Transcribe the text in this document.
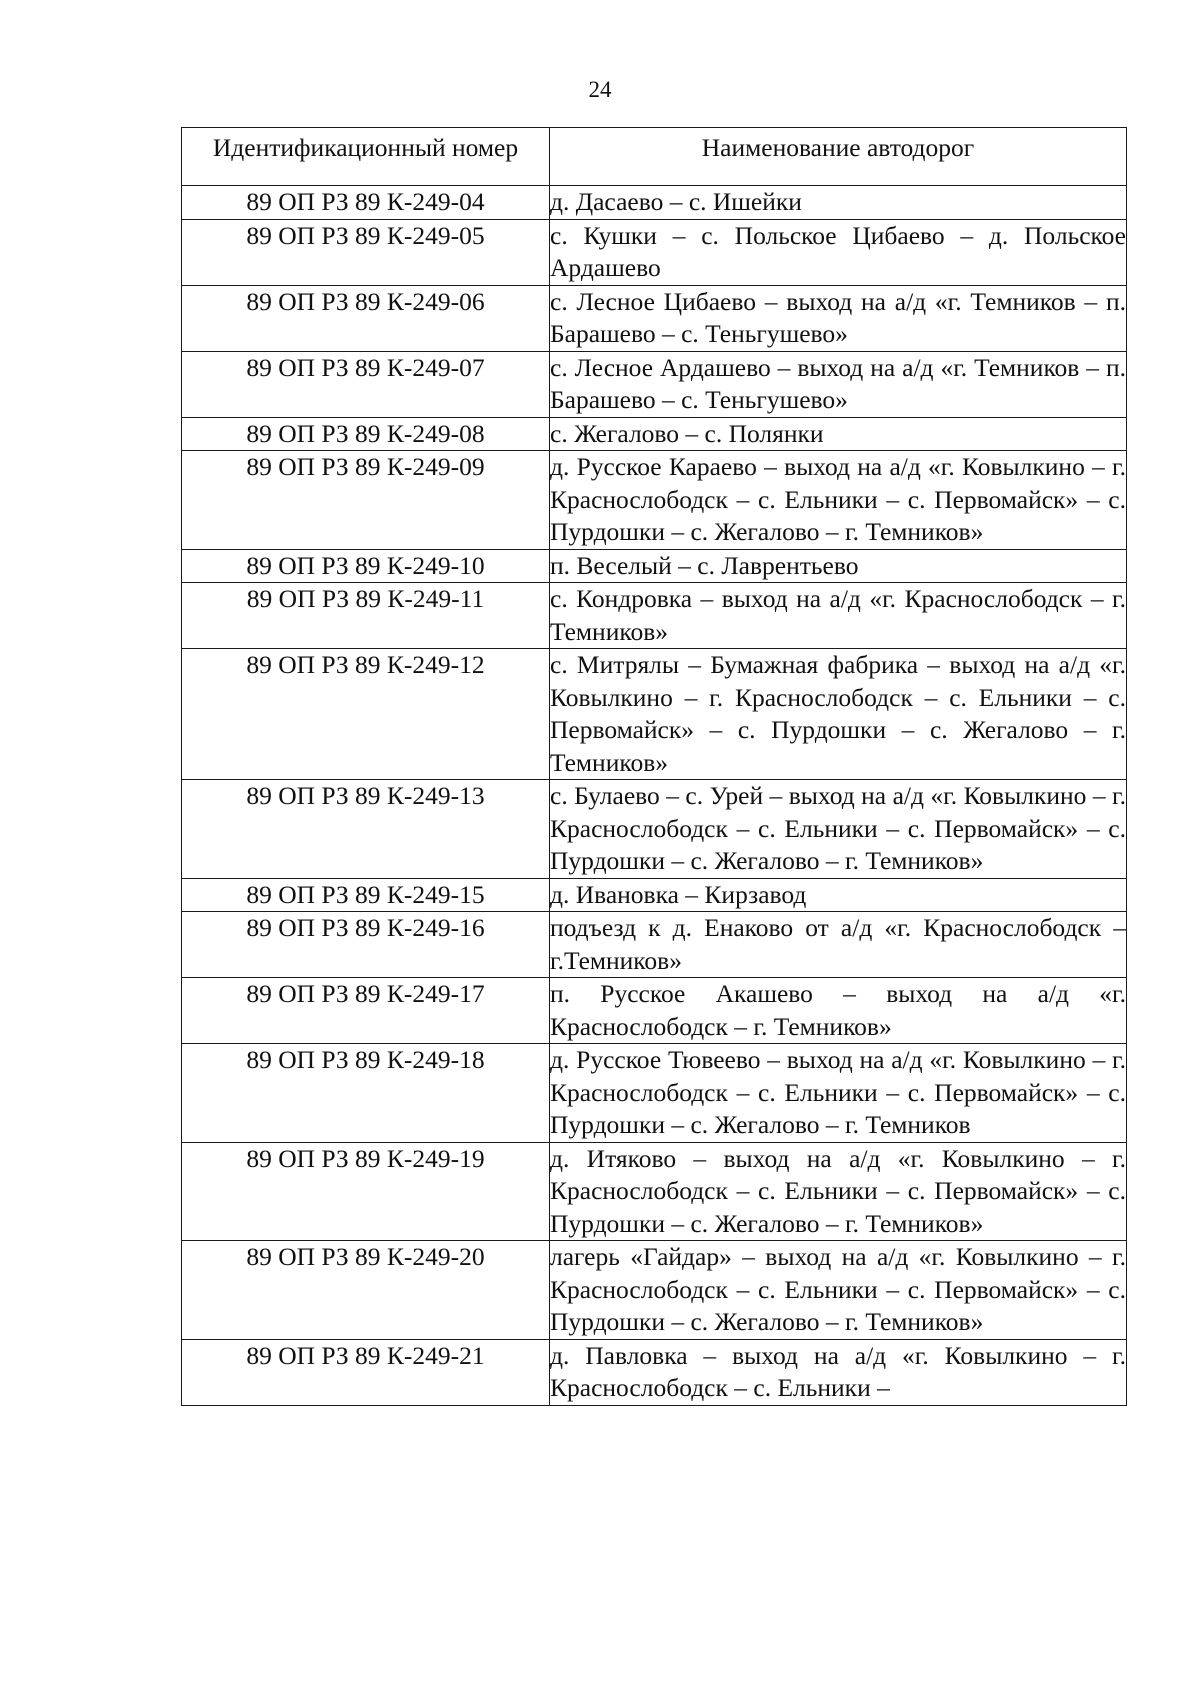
24
Идентификационный номер	Наименование автодорог
89 ОП РЗ 89 К-249-04	д. Дасаево – с. Ишейки
89 ОП РЗ 89 К-249-05	с. Кушки – с. Польское Цибаево – д. Польское Ардашево
89 ОП РЗ 89 К-249-06	с. Лесное Цибаево – выход на а/д «г. Темников – п. Барашево – с. Теньгушево»
89 ОП РЗ 89 К-249-07	с. Лесное Ардашево – выход на а/д «г. Темников – п. Барашево – с. Теньгушево»
89 ОП РЗ 89 К-249-08	с. Жегалово – с. Полянки
89 ОП РЗ 89 К-249-09	д. Русское Караево – выход на а/д «г. Ковылкино – г. Краснослободск – с. Ельники – с. Первомайск» – с. Пурдошки – с. Жегалово – г. Темников»
89 ОП РЗ 89 К-249-10	п. Веселый – с. Лаврентьево
89 ОП РЗ 89 К-249-11	с. Кондровка – выход на а/д «г. Краснослободск – г. Темников»
89 ОП РЗ 89 К-249-12	с. Митрялы – Бумажная фабрика – выход на а/д «г. Ковылкино – г. Краснослободск – с. Ельники – с. Первомайск» – с. Пурдошки – с. Жегалово – г. Темников»
89 ОП РЗ 89 К-249-13	с. Булаево – с. Урей – выход на а/д «г. Ковылкино – г. Краснослободск – с. Ельники – с. Первомайск» – с. Пурдошки – с. Жегалово – г. Темников»
89 ОП РЗ 89 К-249-15	д. Ивановка – Кирзавод
89 ОП РЗ 89 К-249-16	подъезд к д. Енаково от а/д «г. Краснослободск – г.Темников»
89 ОП РЗ 89 К-249-17	п. Русское Акашево – выход на а/д «г. Краснослободск – г. Темников»
89 ОП РЗ 89 К-249-18	д. Русское Тювеево – выход на а/д «г. Ковылкино – г. Краснослободск – с. Ельники – с. Первомайск» – с. Пурдошки – с. Жегалово – г. Темников
89 ОП РЗ 89 К-249-19	д. Итяково – выход на а/д «г. Ковылкино – г. Краснослободск – с. Ельники – с. Первомайск» – с. Пурдошки – с. Жегалово – г. Темников»
89 ОП РЗ 89 К-249-20	лагерь «Гайдар» – выход на а/д «г. Ковылкино – г. Краснослободск – с. Ельники – с. Первомайск» – с. Пурдошки – с. Жегалово – г. Темников»
89 ОП РЗ 89 К-249-21	д. Павловка – выход на а/д «г. Ковылкино – г. Краснослободск – с. Ельники –
